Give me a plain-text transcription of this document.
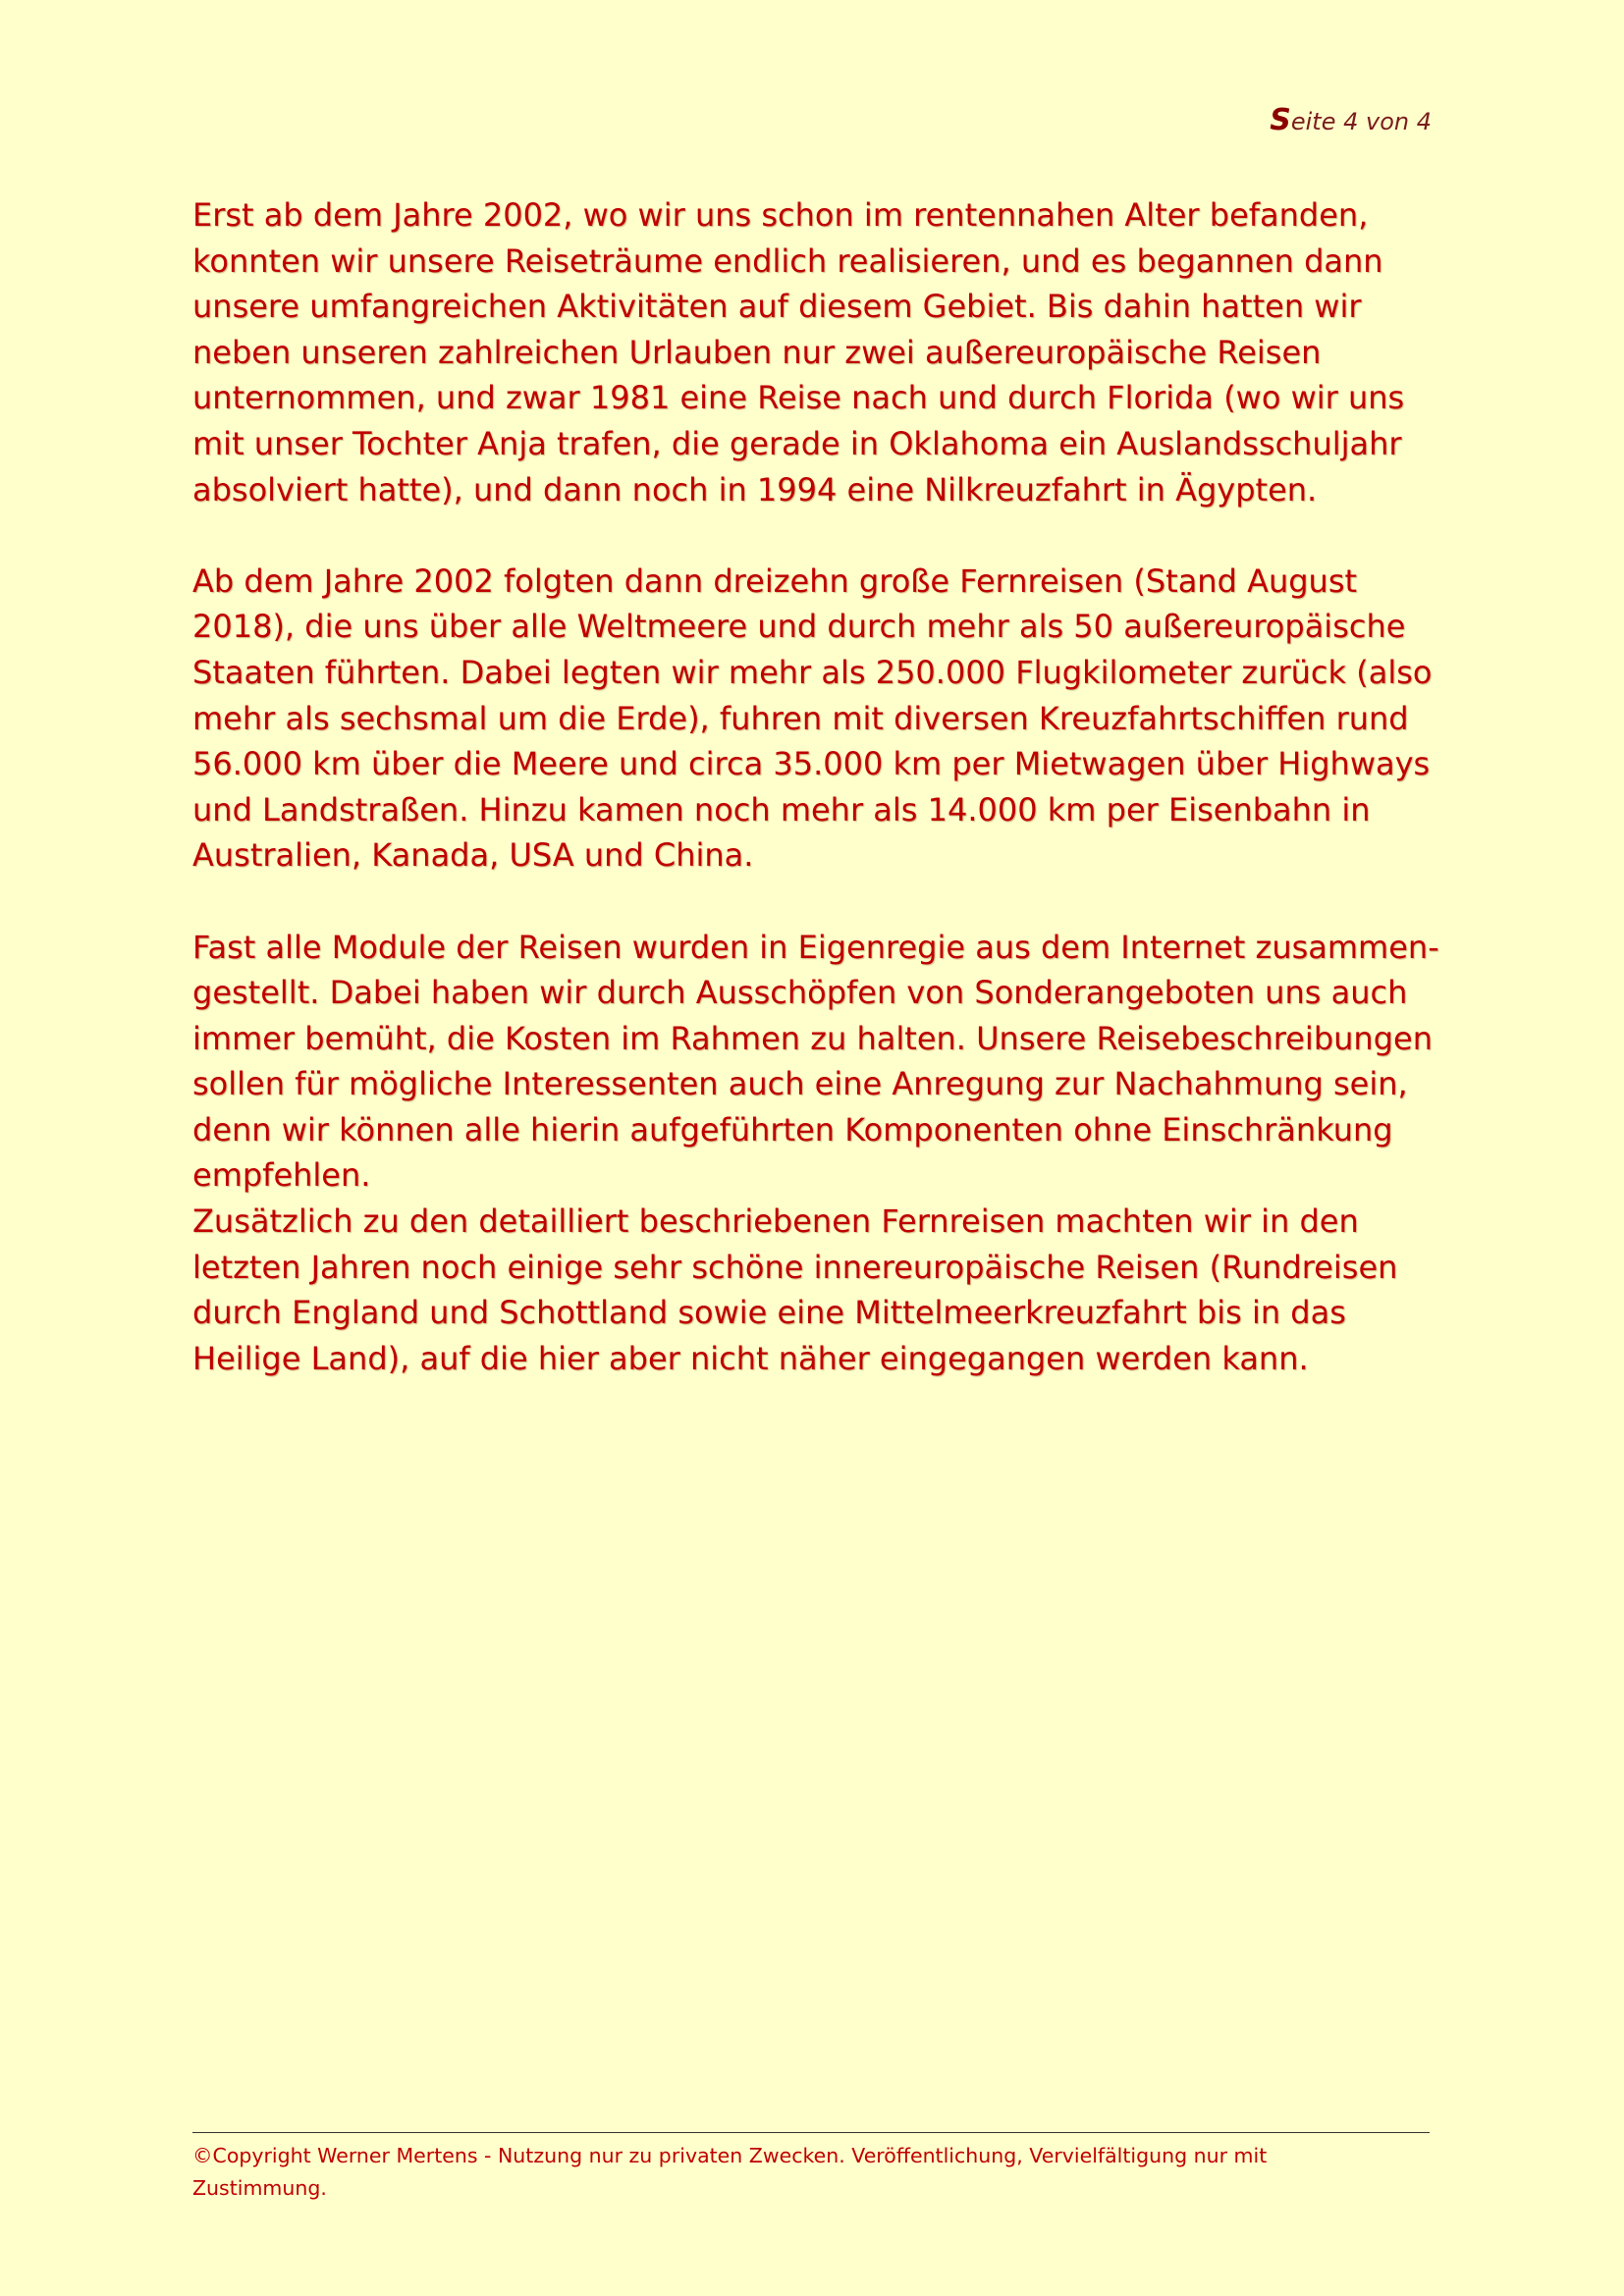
Seite 4 von 4

Erst ab dem Jahre 2002, wo wir uns schon im rentennahen Alter befanden, konnten wir unsere Reiseträume endlich realisieren, und es begannen dann unsere umfangreichen Aktivitäten auf diesem Gebiet. Bis dahin hatten wir neben unseren zahlreichen Urlauben nur zwei außereuropäische Reisen unternommen, und zwar 1981 eine Reise nach und durch Florida (wo wir uns mit unser Tochter Anja trafen, die gerade in Oklahoma ein Auslandsschuljahr absolviert hatte), und dann noch in 1994 eine Nilkreuzfahrt in Ägypten.

Ab dem Jahre 2002 folgten dann dreizehn große Fernreisen (Stand August 2018), die uns über alle Weltmeere und durch mehr als 50 außereuropäische Staaten führten. Dabei legten wir mehr als 250.000 Flugkilometer zurück (also mehr als sechsmal um die Erde), fuhren mit diversen Kreuzfahrtschiffen rund 56.000 km über die Meere und circa 35.000 km per Mietwagen über Highways und Landstraßen. Hinzu kamen noch mehr als 14.000 km per Eisenbahn in Australien, Kanada, USA und China.

Fast alle Module der Reisen wurden in Eigenregie aus dem Internet zusammen-gestellt. Dabei haben wir durch Ausschöpfen von Sonderangeboten uns auch immer bemüht, die Kosten im Rahmen zu halten. Unsere Reisebeschreibungen sollen für mögliche Interessenten auch eine Anregung zur Nachahmung sein, denn wir können alle hierin aufgeführten Komponenten ohne Einschränkung empfehlen.

Zusätzlich zu den detailliert beschriebenen Fernreisen machten wir in den letzten Jahren noch einige sehr schöne innereuropäische Reisen (Rundreisen durch England und Schottland sowie eine Mittelmeerkreuzfahrt bis in das Heilige Land), auf die hier aber nicht näher eingegangen werden kann.

©Copyright Werner Mertens - Nutzung nur zu privaten Zwecken. Veröffentlichung, Vervielfältigung nur mit Zustimmung.
